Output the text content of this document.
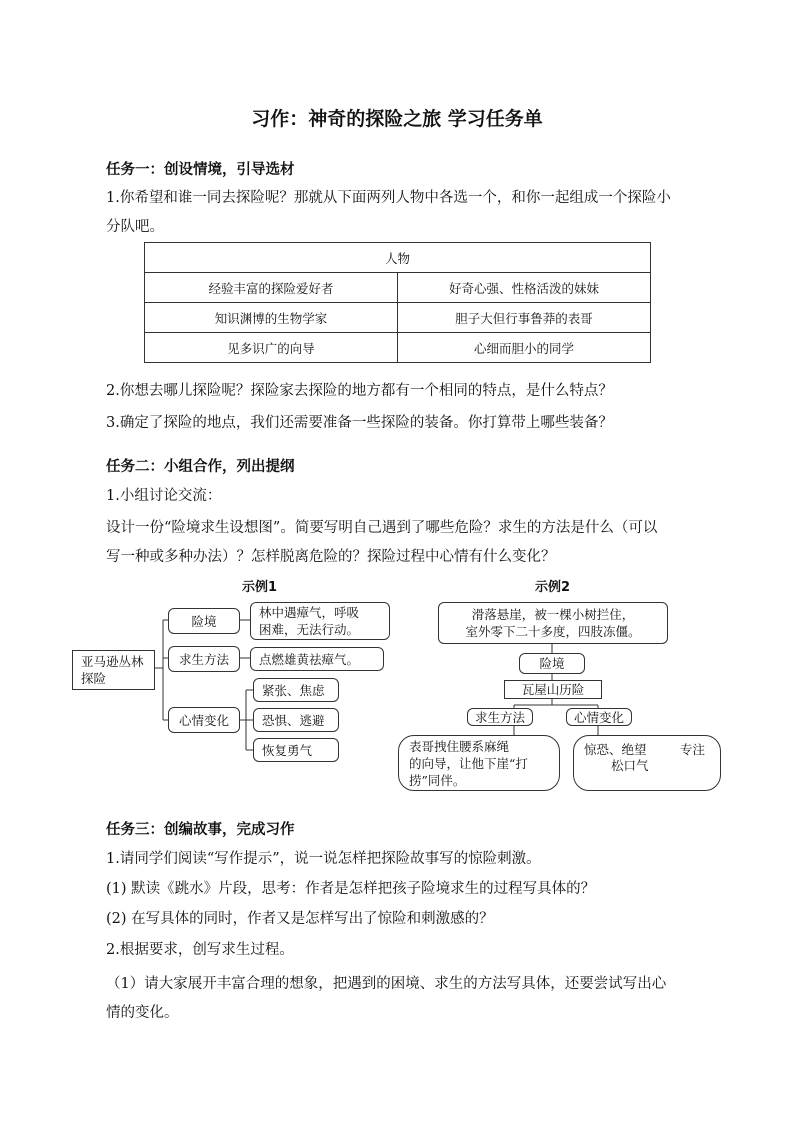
习作：神奇的探险之旅 学习任务单
任务一：创设情境，引导选材
1.你希望和谁一同去探险呢？那就从下面两列人物中各选一个，和你一起组成一个探险小
分队吧。
人物	
经验丰富的探险爱好者	好奇心强、性格活泼的妹妹
知识渊博的生物学家	胆子大但行事鲁莽的表哥
见多识广的向导	心细而胆小的同学
2.你想去哪儿探险呢？探险家去探险的地方都有一个相同的特点，是什么特点？
3.确定了探险的地点，我们还需要准备一些探险的装备。你打算带上哪些装备？
任务二：小组合作，列出提纲
1.小组讨论交流：
设计一份“险境求生设想图”。简要写明自己遇到了哪些危险？求生的方法是什么（可以
写一种或多种办法）？怎样脱离危险的？探险过程中心情有什么变化？
示例1
亚马逊丛林
探险
险境
林中遇瘴气，呼吸
困难，无法行动。
求生方法	点燃雄黄祛瘴气。
心情变化
紧张、焦虑
恐惧、逃避
恢复勇气
示例2
滑落悬崖，被一棵小树拦住，
室外零下二十多度，四肢冻僵。
险境
瓦屋山历险
求生方法	心情变化
表哥拽住腰系麻绳
的向导，让他下崖“打
捞”同伴。
惊恐、绝望	专注
松口气
任务三：创编故事，完成习作
1.请同学们阅读“写作提示”，说一说怎样把探险故事写的惊险刺激。
(1) 默读《跳水》片段，思考：作者是怎样把孩子险境求生的过程写具体的？
(2) 在写具体的同时，作者又是怎样写出了惊险和刺激感的？
2.根据要求，创写求生过程。
（1）请大家展开丰富合理的想象，把遇到的困境、求生的方法写具体，还要尝试写出心
情的变化。
